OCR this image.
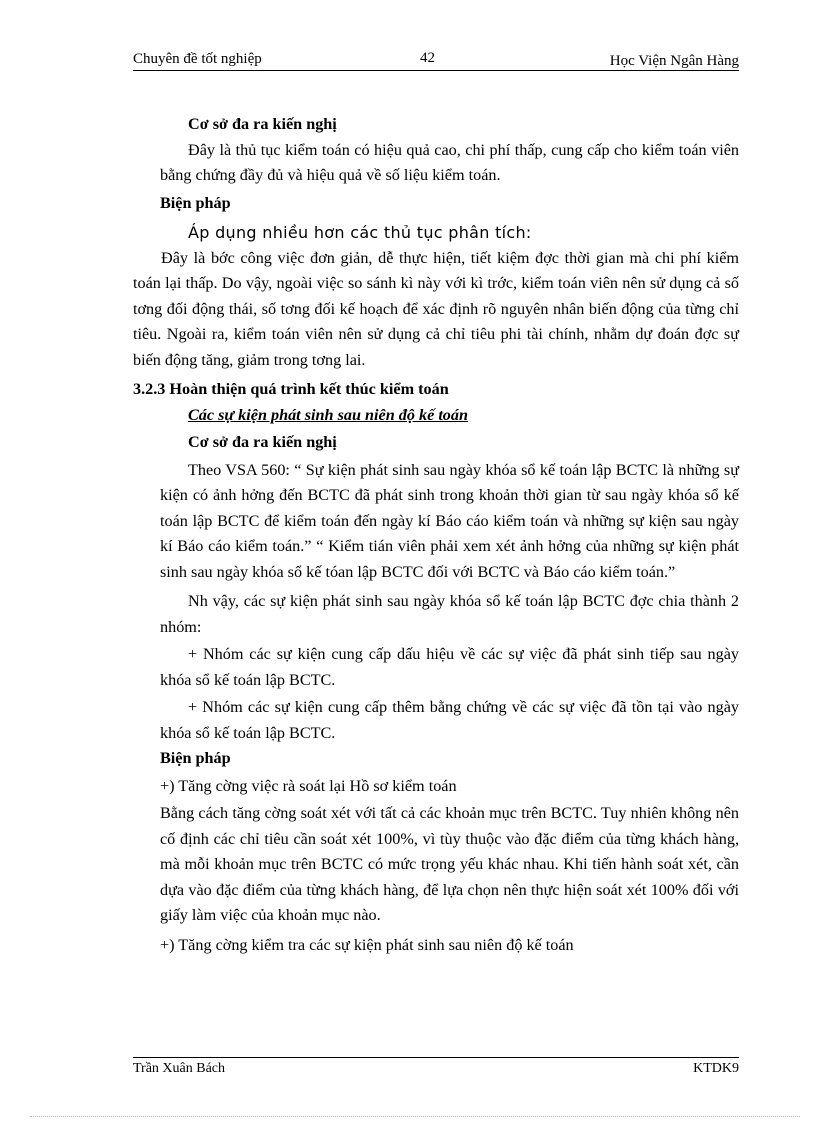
Chuyên đề tốt nghiệp	42	Học Viện Ngân Hàng

Cơ sở đa ra kiến nghị

Đây là thủ tục kiểm toán có hiệu quả cao, chi phí thấp, cung cấp cho kiểm toán viên bằng chứng đầy đủ và hiệu quả về số liệu kiểm toán.

Biện pháp

Áp dụng nhiều hơn các thủ tục phân tích:

Đây là bớc công việc đơn giản, dễ thực hiện, tiết kiệm đợc thời gian mà chi phí kiểm toán lại thấp. Do vậy, ngoài việc so sánh kì này với kì trớc, kiểm toán viên nên sử dụng cả số tơng đối động thái, số tơng đối kế hoạch để xác định rõ nguyên nhân biến động của từng chỉ tiêu. Ngoài ra, kiểm toán viên nên sử dụng cả chỉ tiêu phi tài chính, nhằm dự đoán đợc sự biến động tăng, giảm trong tơng lai.

3.2.3 Hoàn thiện quá trình kết thúc kiểm toán

Các sự kiện phát sinh sau niên độ kế toán

Cơ sở đa ra kiến nghị

Theo VSA 560: “ Sự kiện phát sinh sau ngày khóa sổ kế toán lập BCTC là những sự kiện có ảnh hởng đến BCTC đã phát sinh trong khoản thời gian từ sau ngày khóa sổ kế toán lập BCTC để kiểm toán đến ngày kí Báo cáo kiểm toán và những sự kiện sau ngày kí Báo cáo kiểm toán.” “ Kiểm tián viên phải xem xét ảnh hởng của những sự kiện phát sinh sau ngày khóa sổ kế tóan lập BCTC đối với BCTC và Báo cáo kiểm toán.”

Nh vậy, các sự kiện phát sinh sau ngày khóa sổ kế toán lập BCTC đợc chia thành 2 nhóm:

+ Nhóm các sự kiện cung cấp dấu hiệu về các sự việc đã phát sinh tiếp sau ngày khóa sổ kế toán lập BCTC.

+ Nhóm các sự kiện cung cấp thêm bằng chứng về các sự việc đã tồn tại vào ngày khóa sổ kế toán lập BCTC.

Biện pháp

+) Tăng cờng việc rà soát lại Hồ sơ kiểm toán

Bằng cách tăng cờng soát xét với tất cả các khoản mục trên BCTC. Tuy nhiên không nên cố định các chỉ tiêu cần soát xét 100%, vì tùy thuộc vào đặc điểm của từng khách hàng, mà mỗi khoản mục trên BCTC có mức trọng yếu khác nhau. Khi tiến hành soát xét, cần dựa vào đặc điểm của từng khách hàng, để lựa chọn nên thực hiện soát xét 100% đối với giấy làm việc của khoản mục nào.

+) Tăng cờng kiểm tra các sự kiện phát sinh sau niên độ kế toán

Trần Xuân Bách	KTDK9
